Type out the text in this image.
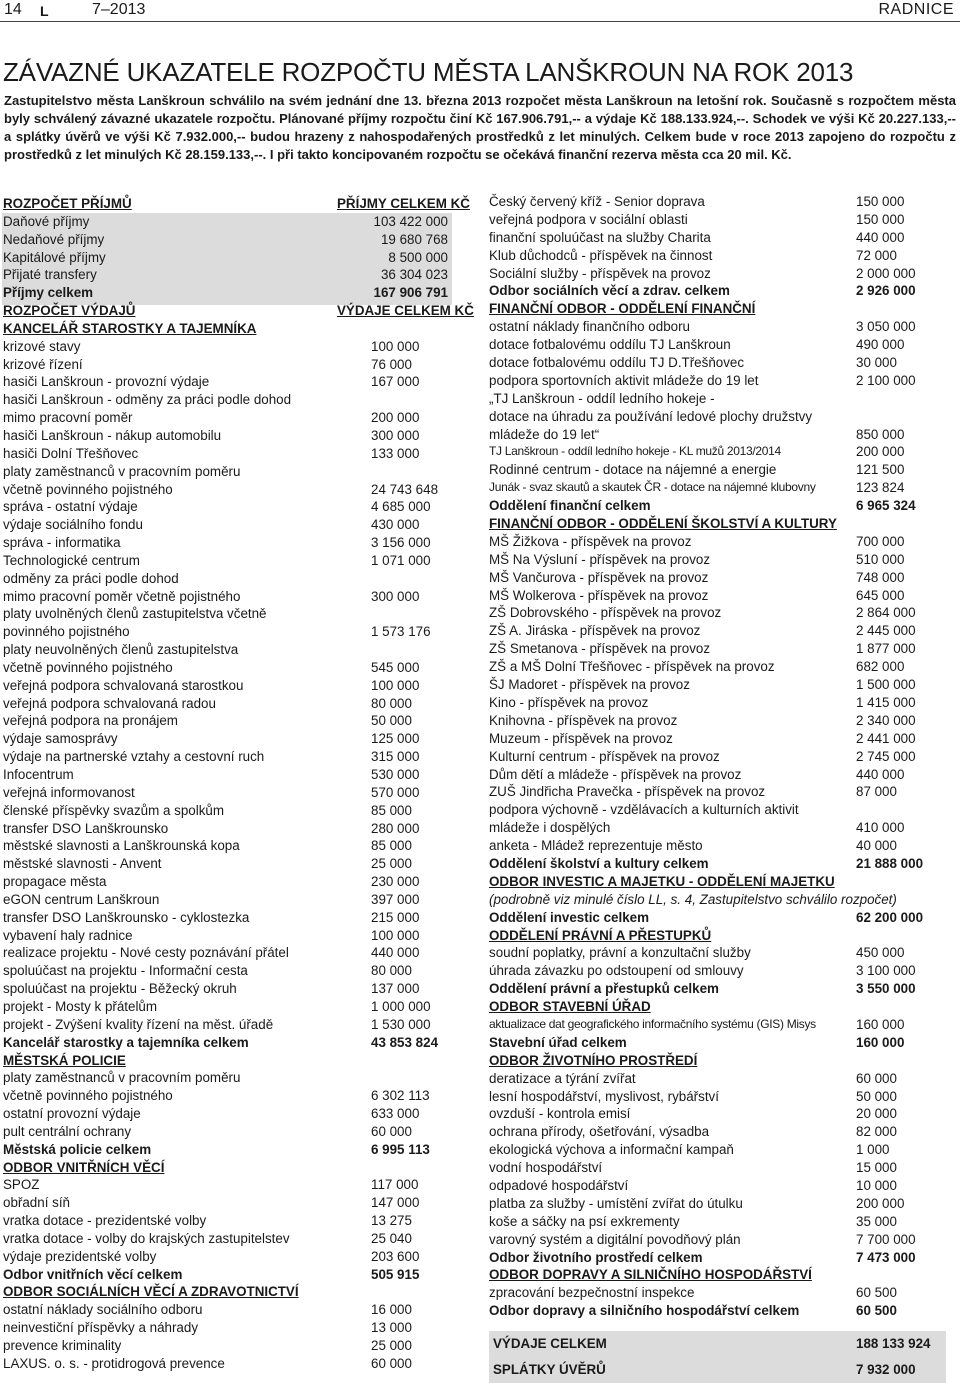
14 L	7–2013	RADNICE
ZÁVAZNÉ UKAZATELE ROZPOČTU MĚSTA LANŠKROUN NA ROK 2013

Zastupitelstvo města Lanškroun schválilo na svém jednání dne 13. března 2013 rozpočet města Lanškroun na letošní rok. Současně s rozpočtem města byly schválený závazné ukazatele rozpočtu. Plánované příjmy rozpočtu činí Kč 167.906.791,-- a výdaje Kč 188.133.924,--. Schodek ve výši Kč 20.227.133,-- a splátky úvěrů ve výši Kč 7.932.000,-- budou hrazeny z nahospodařených prostředků z let minulých. Celkem bude v roce 2013 zapojeno do rozpočtu z prostředků z let minulých Kč 28.159.133,--. I při takto koncipovaném rozpočtu se očekává finanční rezerva města cca 20 mil. Kč.

ROZPOČET PŘÍJMŮ	PŘÍJMY CELKEM KČ
Daňové příjmy	103 422 000
Nedaňové příjmy	19 680 768
Kapitálové příjmy	8 500 000
Přijaté transfery	36 304 023
Příjmy celkem	167 906 791
ROZPOČET VÝDAJŮ	VÝDAJE CELKEM KČ
KANCELÁŘ STAROSTKY A TAJEMNÍKA
krizové stavy	100 000
krizové řízení	76 000
hasiči Lanškroun - provozní výdaje	167 000
hasiči Lanškroun - odměny za práci podle dohod
mimo pracovní poměr	200 000
hasiči Lanškroun - nákup automobilu	300 000
hasiči Dolní Třešňovec	133 000
platy zaměstnanců v pracovním poměru
včetně povinného pojistného	24 743 648
správa - ostatní výdaje	4 685 000
výdaje sociálního fondu	430 000
správa - informatika	3 156 000
Technologické centrum	1 071 000
odměny za práci podle dohod
mimo pracovní poměr včetně pojistného	300 000
platy uvolněných členů zastupitelstva včetně
povinného pojistného	1 573 176
platy neuvolněných členů zastupitelstva
včetně povinného pojistného	545 000
veřejná podpora schvalovaná starostkou	100 000
veřejná podpora schvalovaná radou	80 000
veřejná podpora na pronájem	50 000
výdaje samosprávy	125 000
výdaje na partnerské vztahy a cestovní ruch	315 000
Infocentrum	530 000
veřejná informovanost	570 000
členské příspěvky svazům a spolkům	85 000
transfer DSO Lanškrounsko	280 000
městské slavnosti a Lanškrounská kopa	85 000
městské slavnosti - Anvent	25 000
propagace města	230 000
eGON centrum Lanškroun	397 000
transfer DSO Lanškrounsko - cyklostezka	215 000
vybavení haly radnice	100 000
realizace projektu - Nové cesty poznávání přátel	440 000
spoluúčast na projektu - Informační cesta	80 000
spoluúčast na projektu - Běžecký okruh	137 000
projekt - Mosty k přátelům	1 000 000
projekt - Zvýšení kvality řízení na měst. úřadě	1 530 000
Kancelář starostky a tajemníka celkem	43 853 824
MĚSTSKÁ POLICIE
platy zaměstnanců v pracovním poměru
včetně povinného pojistného	6 302 113
ostatní provozní výdaje	633 000
pult centrální ochrany	60 000
Městská policie celkem	6 995 113
ODBOR VNITŘNÍCH VĚCÍ
SPOZ	117 000
obřadní síň	147 000
vratka dotace - prezidentské volby	13 275
vratka dotace - volby do krajských zastupitelstev	25 040
výdaje prezidentské volby	203 600
Odbor vnitřních věcí celkem	505 915
ODBOR SOCIÁLNÍCH VĚCÍ A ZDRAVOTNICTVÍ
ostatní náklady sociálního odboru	16 000
neinvestiční příspěvky a náhrady	13 000
prevence kriminality	25 000
LAXUS. o. s. - protidrogová prevence	60 000
Český červený kříž - Senior doprava	150 000
veřejná podpora v sociální oblasti	150 000
finanční spoluúčast na služby Charita	440 000
Klub důchodců - příspěvek na činnost	72 000
Sociální služby - příspěvek na provoz	2 000 000
Odbor sociálních věcí a zdrav. celkem	2 926 000
FINANČNÍ ODBOR - ODDĚLENÍ FINANČNÍ
ostatní náklady finančního odboru	3 050 000
dotace fotbalovému oddílu TJ Lanškroun	490 000
dotace fotbalovému oddílu TJ D.Třešňovec	30 000
podpora sportovních aktivit mládeže do 19 let	2 100 000
„TJ Lanškroun - oddíl ledního hokeje -
dotace na úhradu za používání ledové plochy družstvy
mládeže do 19 let“	850 000
TJ Lanškroun - oddíl ledního hokeje - KL mužů 2013/2014	200 000
Rodinné centrum - dotace na nájemné a energie	121 500
Junák - svaz skautů a skautek ČR - dotace na nájemné klubovny	123 824
Oddělení finanční celkem	6 965 324
FINANČNÍ ODBOR - ODDĚLENÍ ŠKOLSTVÍ A KULTURY
MŠ Žižkova - příspěvek na provoz	700 000
MŠ Na Výsluní - příspěvek na provoz	510 000
MŠ Vančurova - příspěvek na provoz	748 000
MŠ Wolkerova - příspěvek na provoz	645 000
ZŠ Dobrovského - příspěvek na provoz	2 864 000
ZŠ A. Jiráska - příspěvek na provoz	2 445 000
ZŠ Smetanova - příspěvek na provoz	1 877 000
ZŠ a MŠ Dolní Třešňovec - příspěvek na provoz	682 000
ŠJ Madoret - příspěvek na provoz	1 500 000
Kino - příspěvek na provoz	1 415 000
Knihovna - příspěvek na provoz	2 340 000
Muzeum - příspěvek na provoz	2 441 000
Kulturní centrum - příspěvek na provoz	2 745 000
Dům dětí a mládeže - příspěvek na provoz	440 000
ZUŠ Jindřicha Pravečka - příspěvek na provoz	87 000
podpora výchovně - vzdělávacích a kulturních aktivit
mládeže i dospělých	410 000
anketa - Mládež reprezentuje město	40 000
Oddělení školství a kultury celkem	21 888 000
ODBOR INVESTIC A MAJETKU - ODDĚLENÍ MAJETKU
(podrobně viz minulé číslo LL, s. 4, Zastupitelstvo schválilo rozpočet)
Oddělení investic celkem	62 200 000
ODDĚLENÍ PRÁVNÍ A PŘESTUPKŮ
soudní poplatky, právní a konzultační služby	450 000
úhrada závazku po odstoupení od smlouvy	3 100 000
Oddělení právní a přestupků celkem	3 550 000
ODBOR STAVEBNÍ ÚŘAD
aktualizace dat geografického informačního systému (GIS) Misys	160 000
Stavební úřad celkem	160 000
ODBOR ŽIVOTNÍHO PROSTŘEDÍ
deratizace a týrání zvířat	60 000
lesní hospodářství, myslivost, rybářství	50 000
ovzduší - kontrola emisí	20 000
ochrana přírody, ošetřování, výsadba	82 000
ekologická výchova a informační kampaň	1 000
vodní hospodářství	15 000
odpadové hospodářství	10 000
platba za služby - umístění zvířat do útulku	200 000
koše a sáčky na psí exkrementy	35 000
varovný systém a digitální povodňový plán	7 700 000
Odbor životního prostředí celkem	7 473 000
ODBOR DOPRAVY A SILNIČNÍHO HOSPODÁŘSTVÍ
zpracování bezpečnostní inspekce	60 500
Odbor dopravy a silničního hospodářství celkem	60 500
VÝDAJE CELKEM	188 133 924
SPLÁTKY ÚVĚRŮ	7 932 000
